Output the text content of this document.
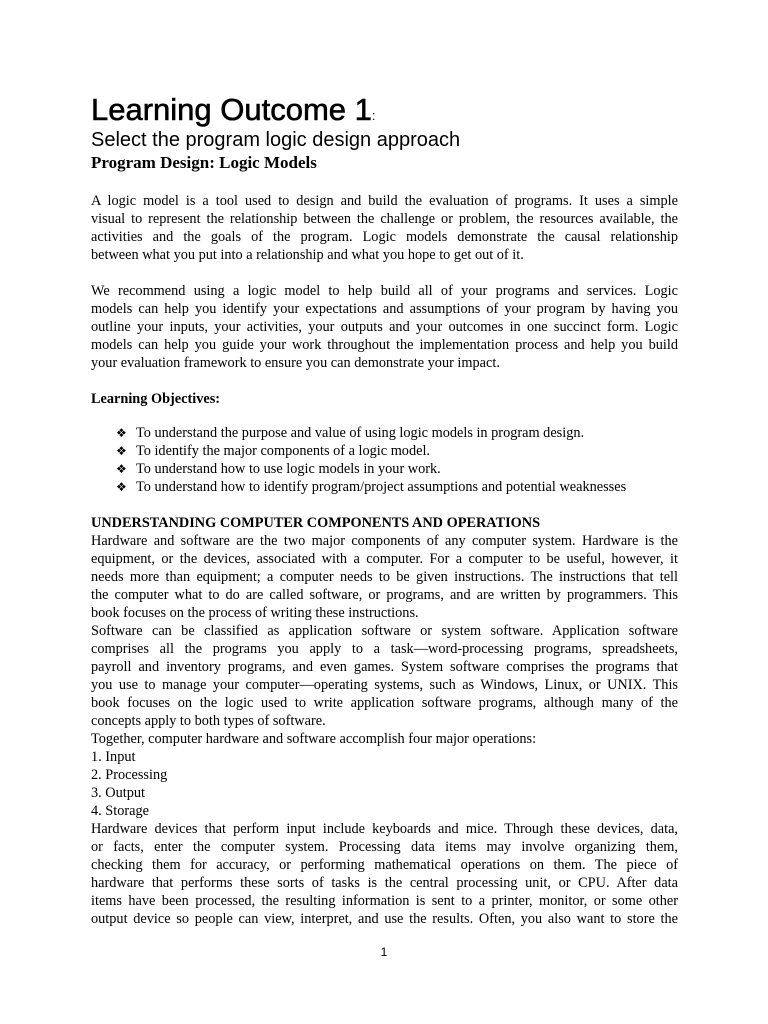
Learning Outcome 1:
Select the program logic design approach
Program Design: Logic Models

A logic model is a tool used to design and build the evaluation of programs. It uses a simple
visual to represent the relationship between the challenge or problem, the resources available, the
activities and the goals of the program. Logic models demonstrate the causal relationship
between what you put into a relationship and what you hope to get out of it.

We recommend using a logic model to help build all of your programs and services. Logic
models can help you identify your expectations and assumptions of your program by having you
outline your inputs, your activities, your outputs and your outcomes in one succinct form. Logic
models can help you guide your work throughout the implementation process and help you build
your evaluation framework to ensure you can demonstrate your impact.

Learning Objectives:

❖ To understand the purpose and value of using logic models in program design.
❖ To identify the major components of a logic model.
❖ To understand how to use logic models in your work.
❖ To understand how to identify program/project assumptions and potential weaknesses

UNDERSTANDING COMPUTER COMPONENTS AND OPERATIONS

Hardware and software are the two major components of any computer system. Hardware is the
equipment, or the devices, associated with a computer. For a computer to be useful, however, it
needs more than equipment; a computer needs to be given instructions. The instructions that tell
the computer what to do are called software, or programs, and are written by programmers. This
book focuses on the process of writing these instructions.
Software can be classified as application software or system software. Application software
comprises all the programs you apply to a task—word-processing programs, spreadsheets,
payroll and inventory programs, and even games. System software comprises the programs that
you use to manage your computer—operating systems, such as Windows, Linux, or UNIX. This
book focuses on the logic used to write application software programs, although many of the
concepts apply to both types of software.
Together, computer hardware and software accomplish four major operations:
1. Input
2. Processing
3. Output
4. Storage
Hardware devices that perform input include keyboards and mice. Through these devices, data,
or facts, enter the computer system. Processing data items may involve organizing them,
checking them for accuracy, or performing mathematical operations on them. The piece of
hardware that performs these sorts of tasks is the central processing unit, or CPU. After data
items have been processed, the resulting information is sent to a printer, monitor, or some other
output device so people can view, interpret, and use the results. Often, you also want to store the
1
